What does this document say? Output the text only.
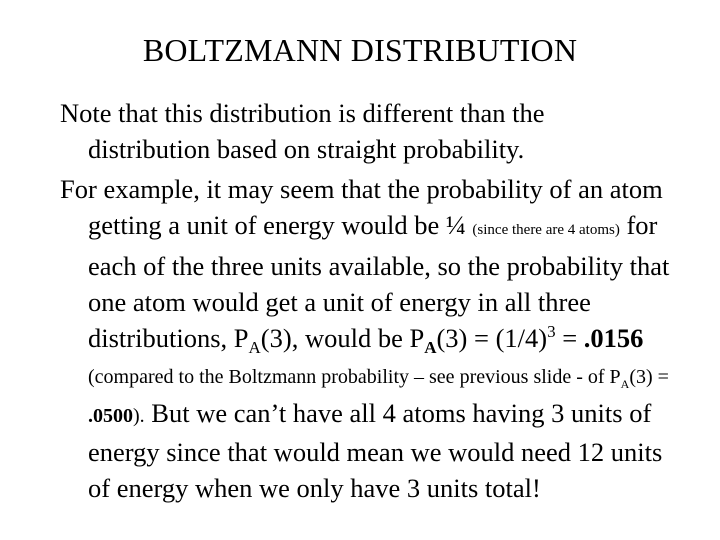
BOLTZMANN DISTRIBUTION

Note that this distribution is different than the distribution based on straight probability.

For example, it may seem that the probability of an atom getting a unit of energy would be ¼ (since there are 4 atoms) for each of the three units available, so the probability that one atom would get a unit of energy in all three distributions, $P_A(3)$, would be $P_A(3) = (1/4)^3 = .0156$ (compared to the Boltzmann probability – see previous slide - of $P_A(3) = .0500$). But we can’t have all 4 atoms having 3 units of energy since that would mean we would need 12 units of energy when we only have 3 units total!
